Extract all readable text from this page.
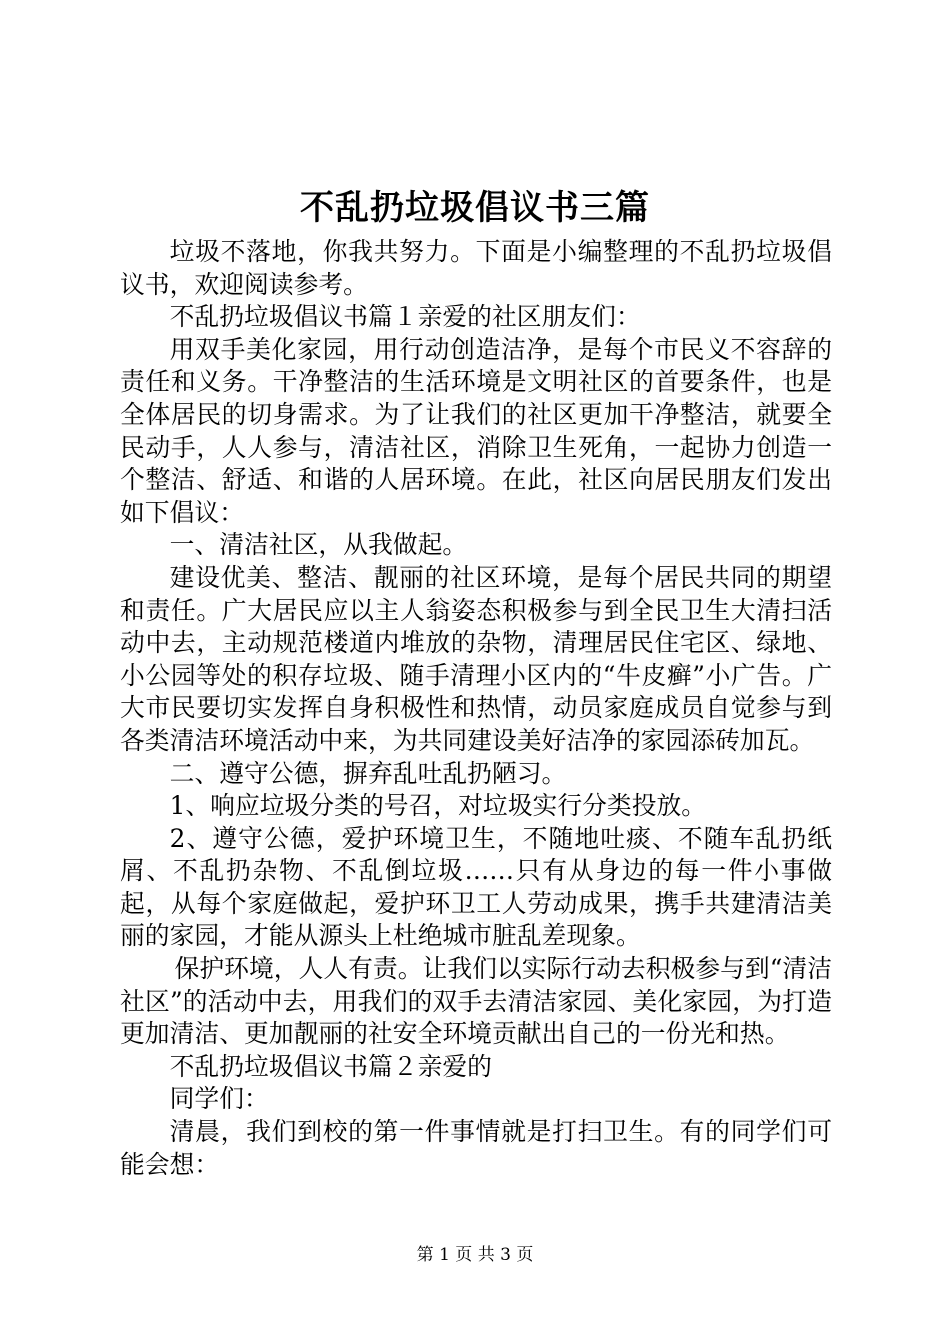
不乱扔垃圾倡议书三篇

垃圾不落地，你我共努力。下面是小编整理的不乱扔垃圾倡议书，欢迎阅读参考。

不乱扔垃圾倡议书篇１亲爱的社区朋友们：

用双手美化家园，用行动创造洁净，是每个市民义不容辞的责任和义务。干净整洁的生活环境是文明社区的首要条件，也是全体居民的切身需求。为了让我们的社区更加干净整洁，就要全民动手，人人参与，清洁社区，消除卫生死角，一起协力创造一个整洁、舒适、和谐的人居环境。在此，社区向居民朋友们发出如下倡议：

一、清洁社区，从我做起。

建设优美、整洁、靓丽的社区环境，是每个居民共同的期望和责任。广大居民应以主人翁姿态积极参与到全民卫生大清扫活动中去，主动规范楼道内堆放的杂物，清理居民住宅区、绿地、小公园等处的积存垃圾、随手清理小区内的“牛皮癣”小广告。广大市民要切实发挥自身积极性和热情，动员家庭成员自觉参与到各类清洁环境活动中来，为共同建设美好洁净的家园添砖加瓦。

二、遵守公德，摒弃乱吐乱扔陋习。

1、响应垃圾分类的号召，对垃圾实行分类投放。

2、遵守公德，爱护环境卫生，不随地吐痰、不随车乱扔纸屑、不乱扔杂物、不乱倒垃圾……只有从身边的每一件小事做起，从每个家庭做起，爱护环卫工人劳动成果，携手共建清洁美丽的家园，才能从源头上杜绝城市脏乱差现象。

保护环境，人人有责。让我们以实际行动去积极参与到“清洁社区”的活动中去，用我们的双手去清洁家园、美化家园，为打造更加清洁、更加靓丽的社安全环境贡献出自己的一份光和热。

不乱扔垃圾倡议书篇２亲爱的

同学们：

清晨，我们到校的第一件事情就是打扫卫生。有的同学们可能会想：

第 1 页 共 3 页
